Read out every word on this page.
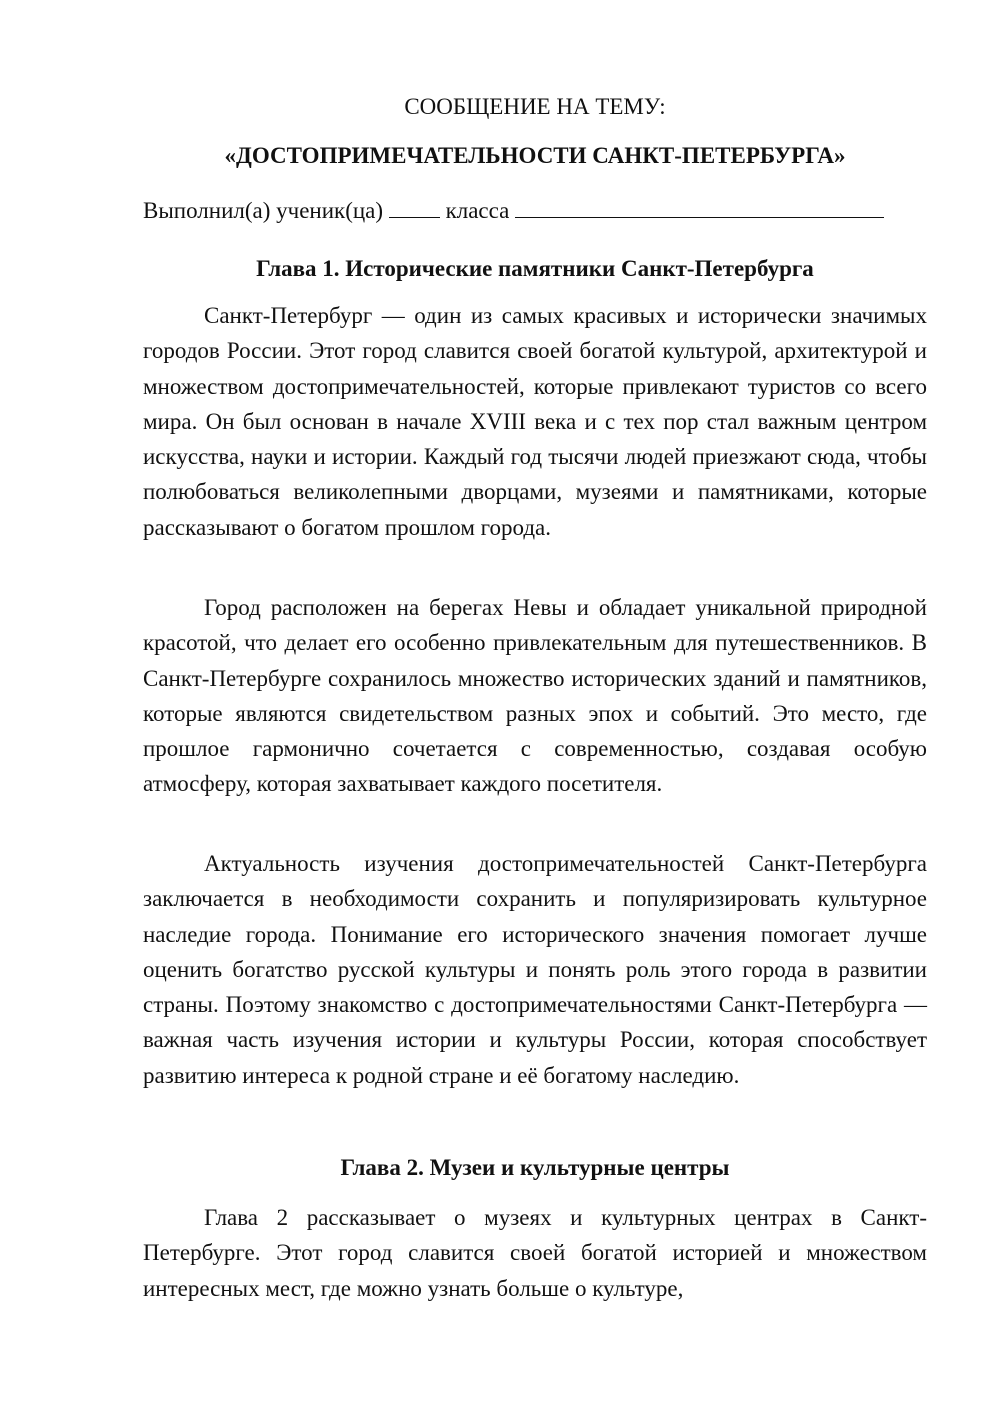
СООБЩЕНИЕ НА ТЕМУ:
«ДОСТОПРИМЕЧАТЕЛЬНОСТИ САНКТ-ПЕТЕРБУРГА»
Выполнил(а) ученик(ца)	класса
Глава 1. Исторические памятники Санкт-Петербурга

Санкт-Петербург — один из самых красивых и исторически значимых городов России. Этот город славится своей богатой культурой, архитектурой и множеством достопримечательностей, которые привлекают туристов со всего мира. Он был основан в начале XVIII века и с тех пор стал важным центром искусства, науки и истории. Каждый год тысячи людей приезжают сюда, чтобы полюбоваться великолепными дворцами, музеями и памятниками, которые рассказывают о богатом прошлом города.

Город расположен на берегах Невы и обладает уникальной природной красотой, что делает его особенно привлекательным для путешественников. В Санкт-Петербурге сохранилось множество исторических зданий и памятников, которые являются свидетельством разных эпох и событий. Это место, где прошлое гармонично сочетается с современностью, создавая особую атмосферу, которая захватывает каждого посетителя.

Актуальность изучения достопримечательностей Санкт-Петербурга заключается в необходимости сохранить и популяризировать культурное наследие города. Понимание его исторического значения помогает лучше оценить богатство русской культуры и понять роль этого города в развитии страны. Поэтому знакомство с достопримечательностями Санкт-Петербурга — важная часть изучения истории и культуры России, которая способствует развитию интереса к родной стране и её богатому наследию.

Глава 2. Музеи и культурные центры

Глава 2 рассказывает о музеях и культурных центрах в Санкт-Петербурге. Этот город славится своей богатой историей и множеством интересных мест, где можно узнать больше о культуре,
